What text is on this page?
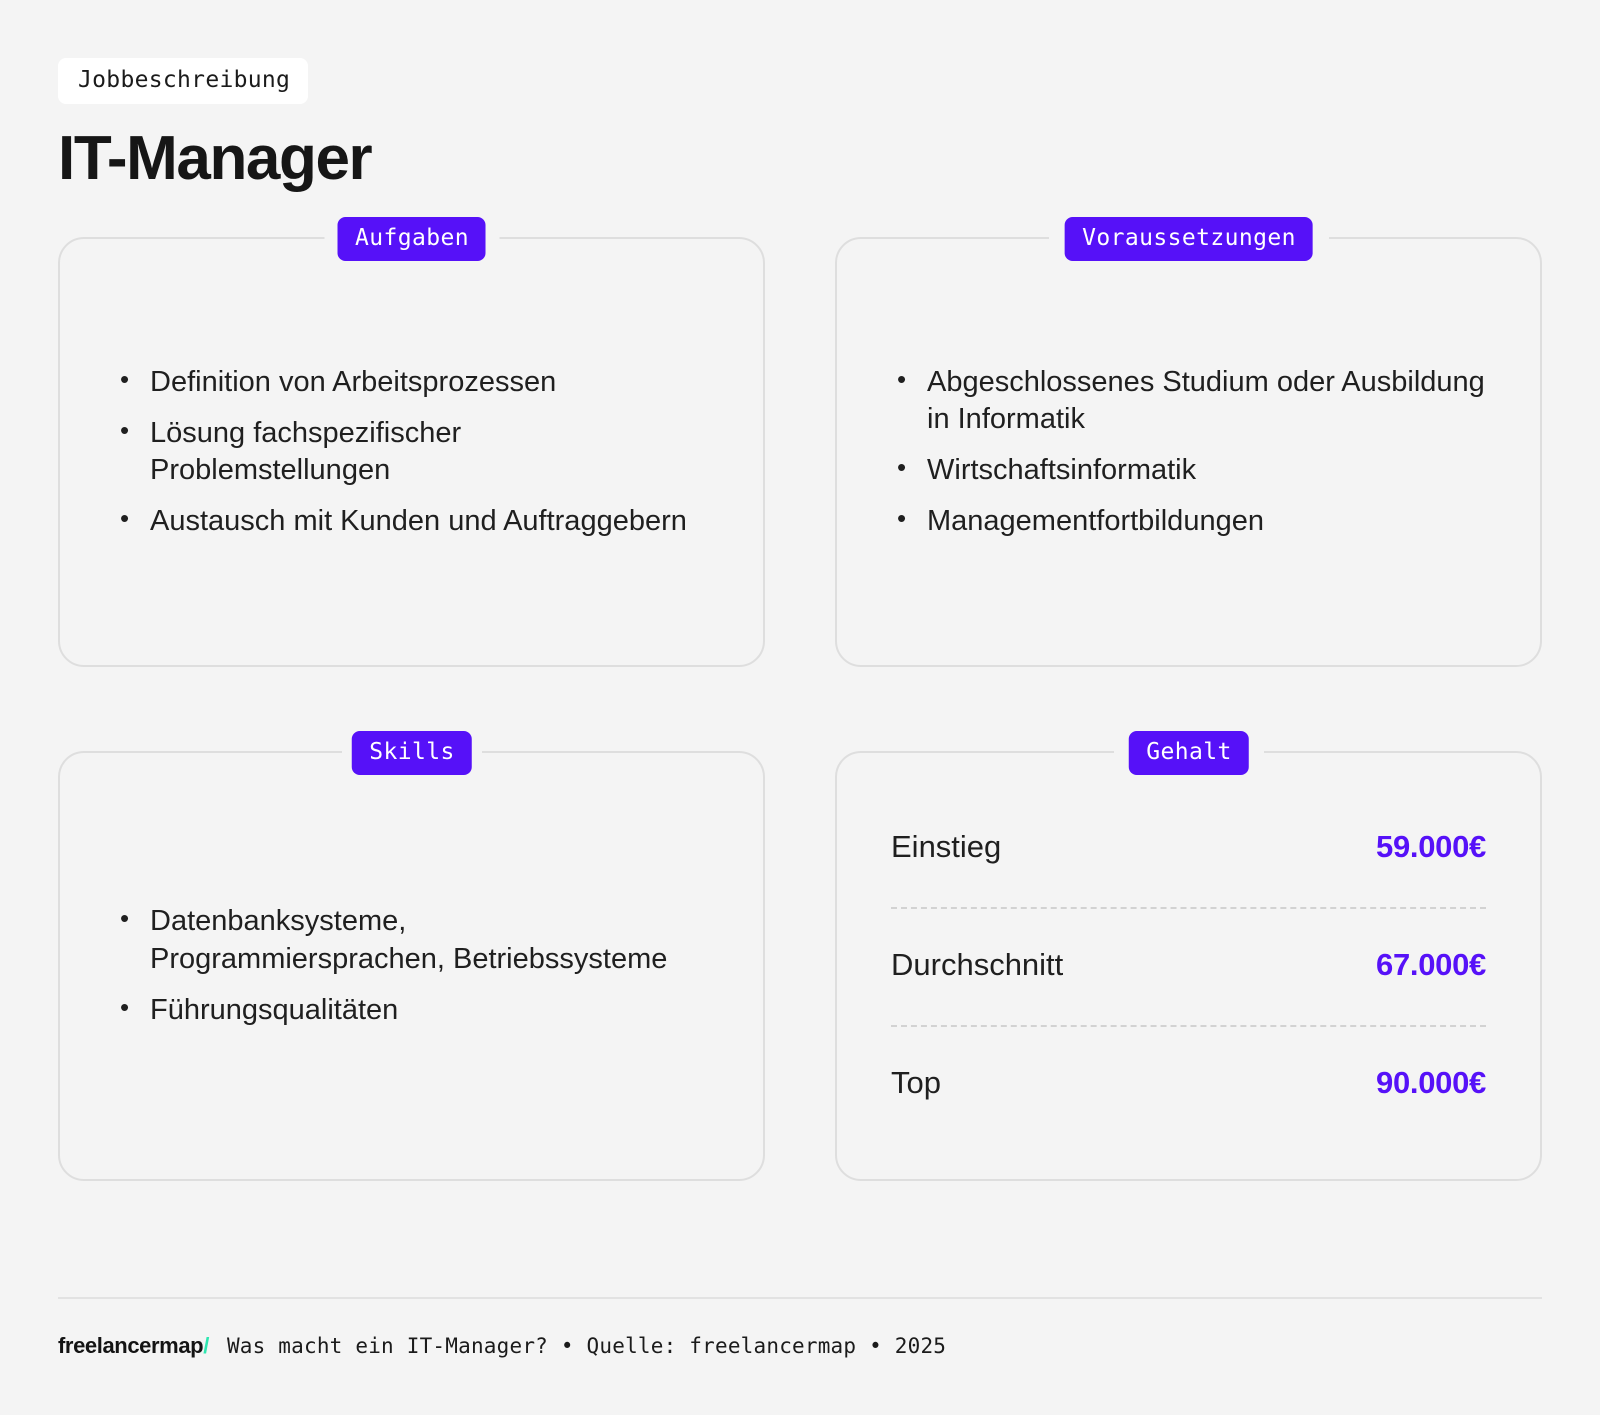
Jobbeschreibung
IT-Manager
Aufgaben
• Definition von Arbeitsprozessen
• Lösung fachspezifischer Problemstellungen
• Austausch mit Kunden und Auftraggebern
Voraussetzungen
• Abgeschlossenes Studium oder Ausbildung in Informatik
• Wirtschaftsinformatik
• Managementfortbildungen
Skills
• Datenbanksysteme, Programmiersprachen, Betriebssysteme
• Führungsqualitäten
Gehalt
Einstieg	59.000€
Durchschnitt	67.000€
Top	90.000€
freelancermap/ Was macht ein IT-Manager? • Quelle: freelancermap • 2025
